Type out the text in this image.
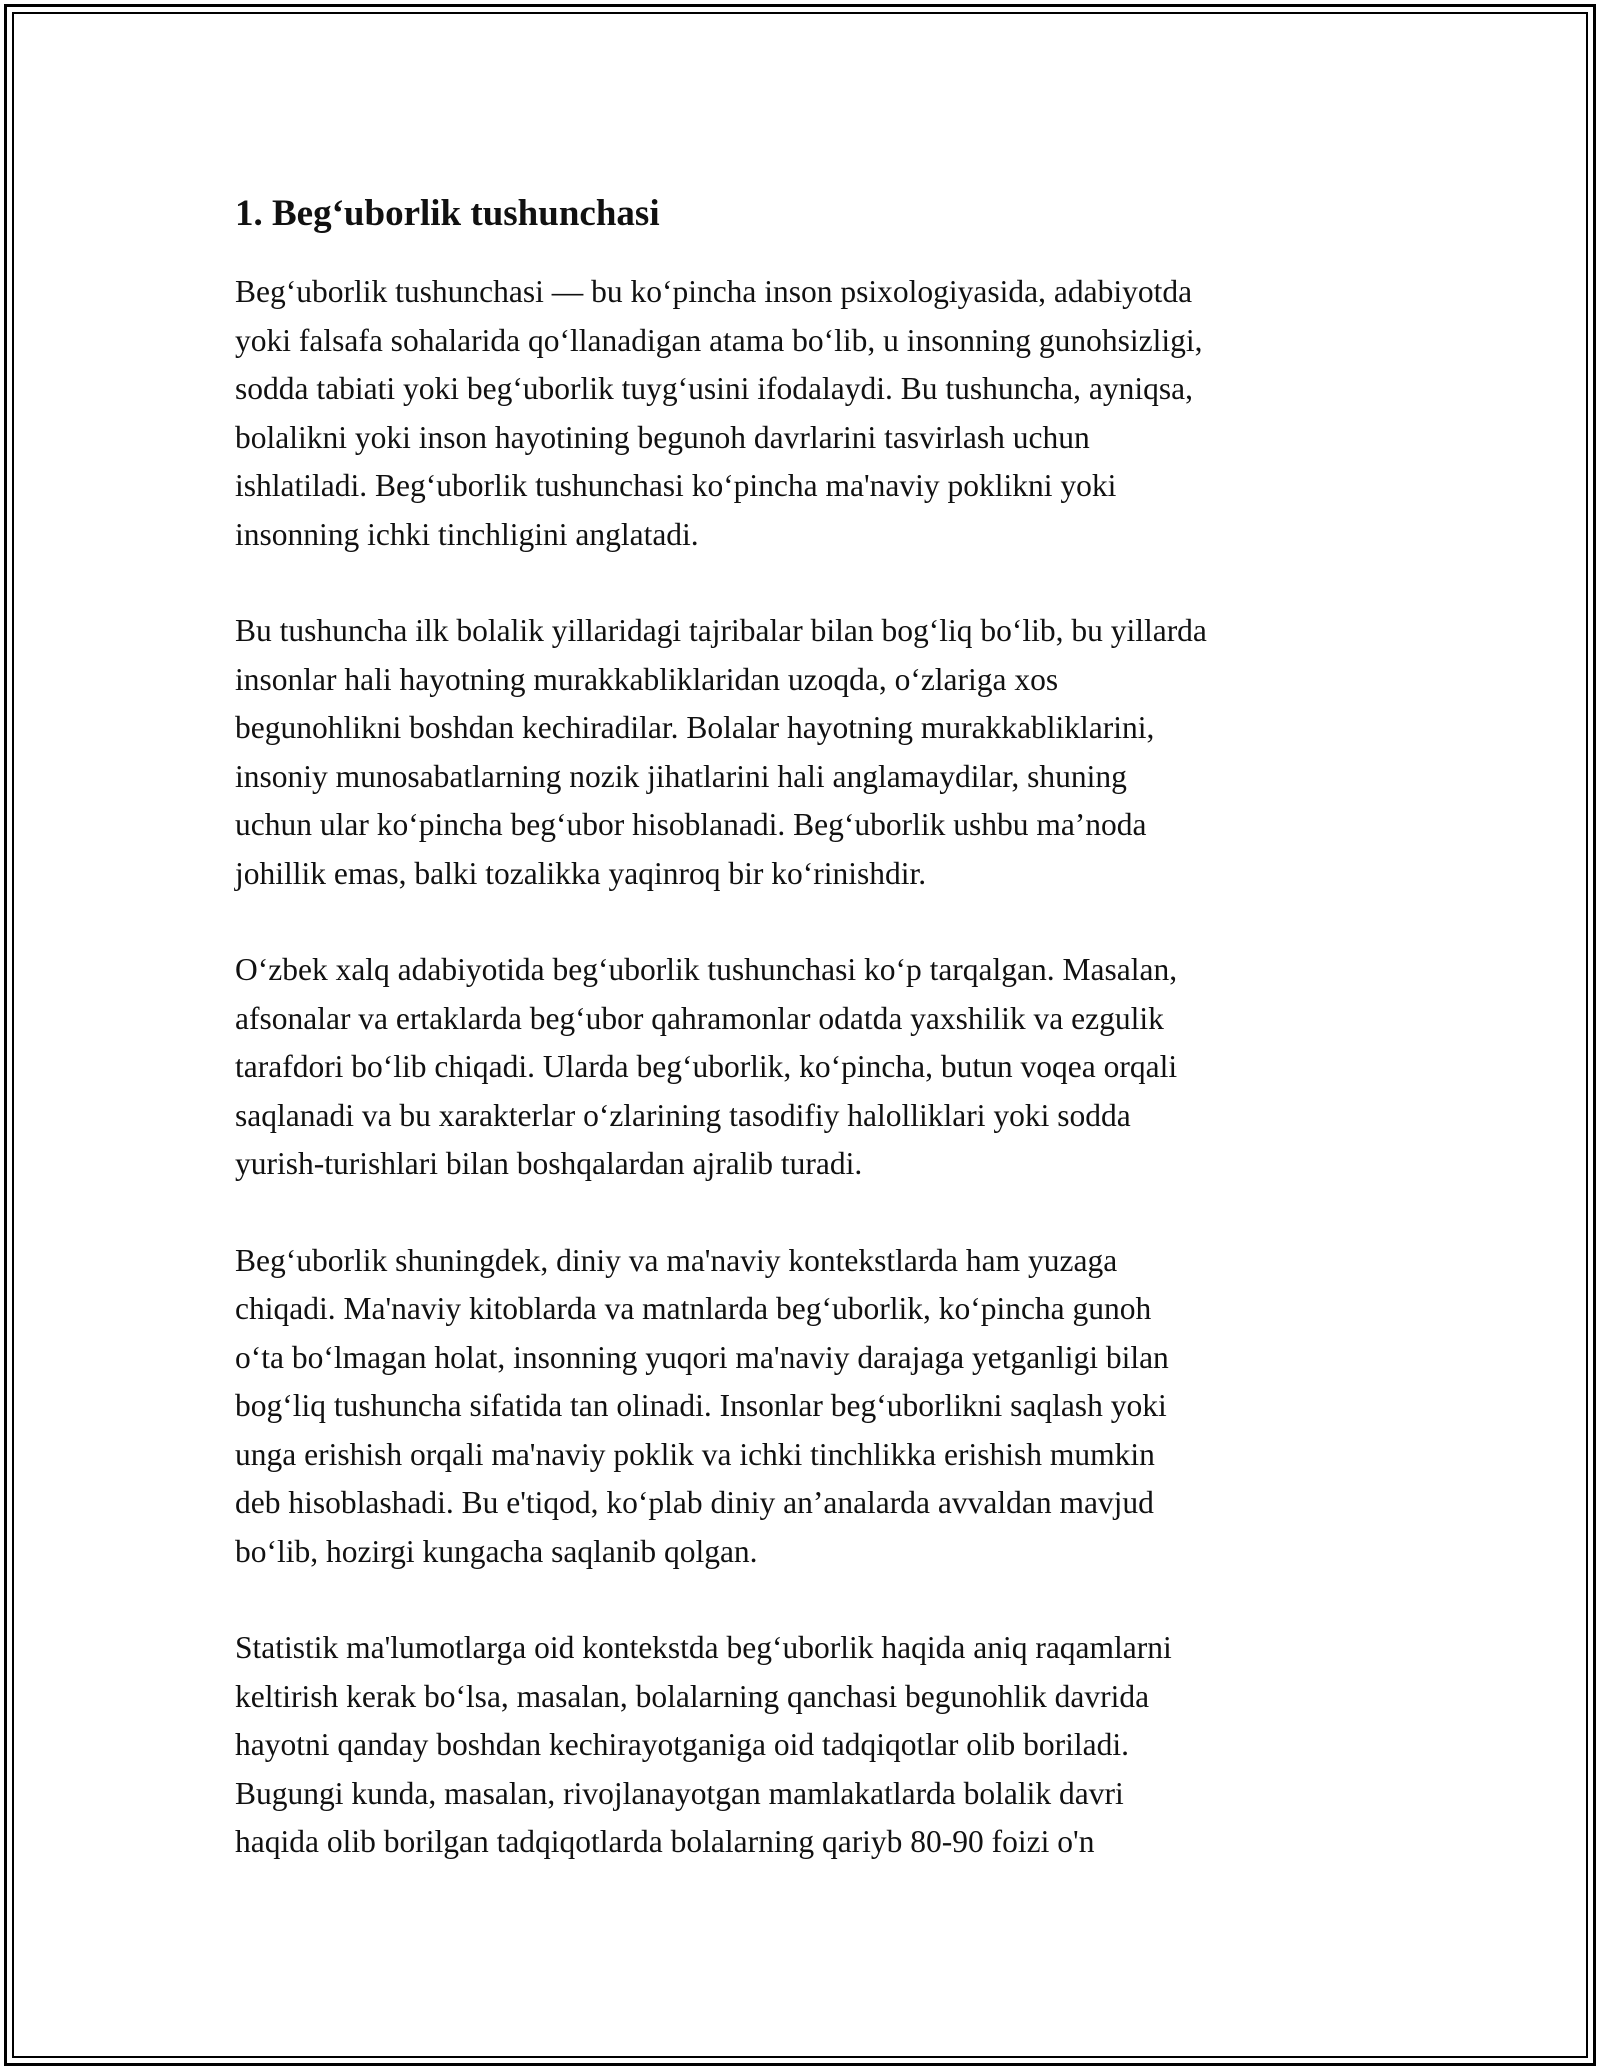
1. Beg‘uborlik tushunchasi

Beg‘uborlik tushunchasi — bu ko‘pincha inson psixologiyasida, adabiyotda
yoki falsafa sohalarida qo‘llanadigan atama bo‘lib, u insonning gunohsizligi,
sodda tabiati yoki beg‘uborlik tuyg‘usini ifodalaydi. Bu tushuncha, ayniqsa,
bolalikni yoki inson hayotining begunoh davrlarini tasvirlash uchun
ishlatiladi. Beg‘uborlik tushunchasi ko‘pincha ma'naviy poklikni yoki
insonning ichki tinchligini anglatadi.

Bu tushuncha ilk bolalik yillaridagi tajribalar bilan bog‘liq bo‘lib, bu yillarda
insonlar hali hayotning murakkabliklaridan uzoqda, o‘zlariga xos
begunohlikni boshdan kechiradilar. Bolalar hayotning murakkabliklarini,
insoniy munosabatlarning nozik jihatlarini hali anglamaydilar, shuning
uchun ular ko‘pincha beg‘ubor hisoblanadi. Beg‘uborlik ushbu ma’noda
johillik emas, balki tozalikka yaqinroq bir ko‘rinishdir.

O‘zbek xalq adabiyotida beg‘uborlik tushunchasi ko‘p tarqalgan. Masalan,
afsonalar va ertaklarda beg‘ubor qahramonlar odatda yaxshilik va ezgulik
tarafdori bo‘lib chiqadi. Ularda beg‘uborlik, ko‘pincha, butun voqea orqali
saqlanadi va bu xarakterlar o‘zlarining tasodifiy halolliklari yoki sodda
yurish-turishlari bilan boshqalardan ajralib turadi.

Beg‘uborlik shuningdek, diniy va ma'naviy kontekstlarda ham yuzaga
chiqadi. Ma'naviy kitoblarda va matnlarda beg‘uborlik, ko‘pincha gunoh
o‘ta bo‘lmagan holat, insonning yuqori ma'naviy darajaga yetganligi bilan
bog‘liq tushuncha sifatida tan olinadi. Insonlar beg‘uborlikni saqlash yoki
unga erishish orqali ma'naviy poklik va ichki tinchlikka erishish mumkin
deb hisoblashadi. Bu e'tiqod, ko‘plab diniy an’analarda avvaldan mavjud
bo‘lib, hozirgi kungacha saqlanib qolgan.

Statistik ma'lumotlarga oid kontekstda beg‘uborlik haqida aniq raqamlarni
keltirish kerak bo‘lsa, masalan, bolalarning qanchasi begunohlik davrida
hayotni qanday boshdan kechirayotganiga oid tadqiqotlar olib boriladi.
Bugungi kunda, masalan, rivojlanayotgan mamlakatlarda bolalik davri
haqida olib borilgan tadqiqotlarda bolalarning qariyb 80-90 foizi o'n
